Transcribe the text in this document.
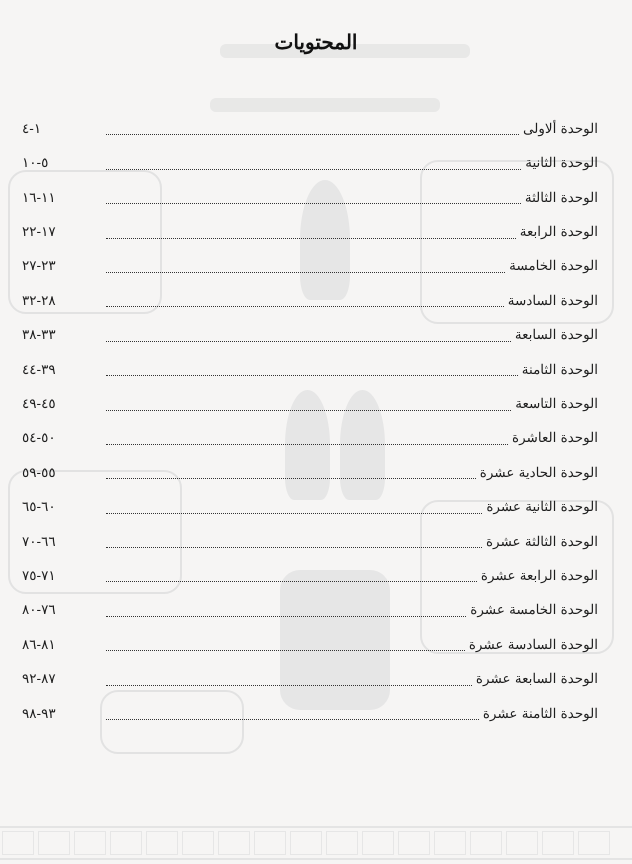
المحتويات
الوحدة ألاولى
١-٤
الوحدة الثانية
٥-١٠
الوحدة الثالثة
١١-١٦
الوحدة الرابعة
١٧-٢٢
الوحدة الخامسة
٢٣-٢٧
الوحدة السادسة
٢٨-٣٢
الوحدة السابعة
٣٣-٣٨
الوحدة الثامنة
٣٩-٤٤
الوحدة التاسعة
٤٥-٤٩
الوحدة العاشرة
٥٠-٥٤
الوحدة الحادية عشرة
٥٥-٥٩
الوحدة الثانية عشرة
٦٠-٦٥
الوحدة الثالثة عشرة
٦٦-٧٠
الوحدة الرابعة عشرة
٧١-٧٥
الوحدة الخامسة عشرة
٧٦-٨٠
الوحدة السادسة عشرة
٨١-٨٦
الوحدة السابعة عشرة
٨٧-٩٢
الوحدة الثامنة عشرة
٩٣-٩٨
